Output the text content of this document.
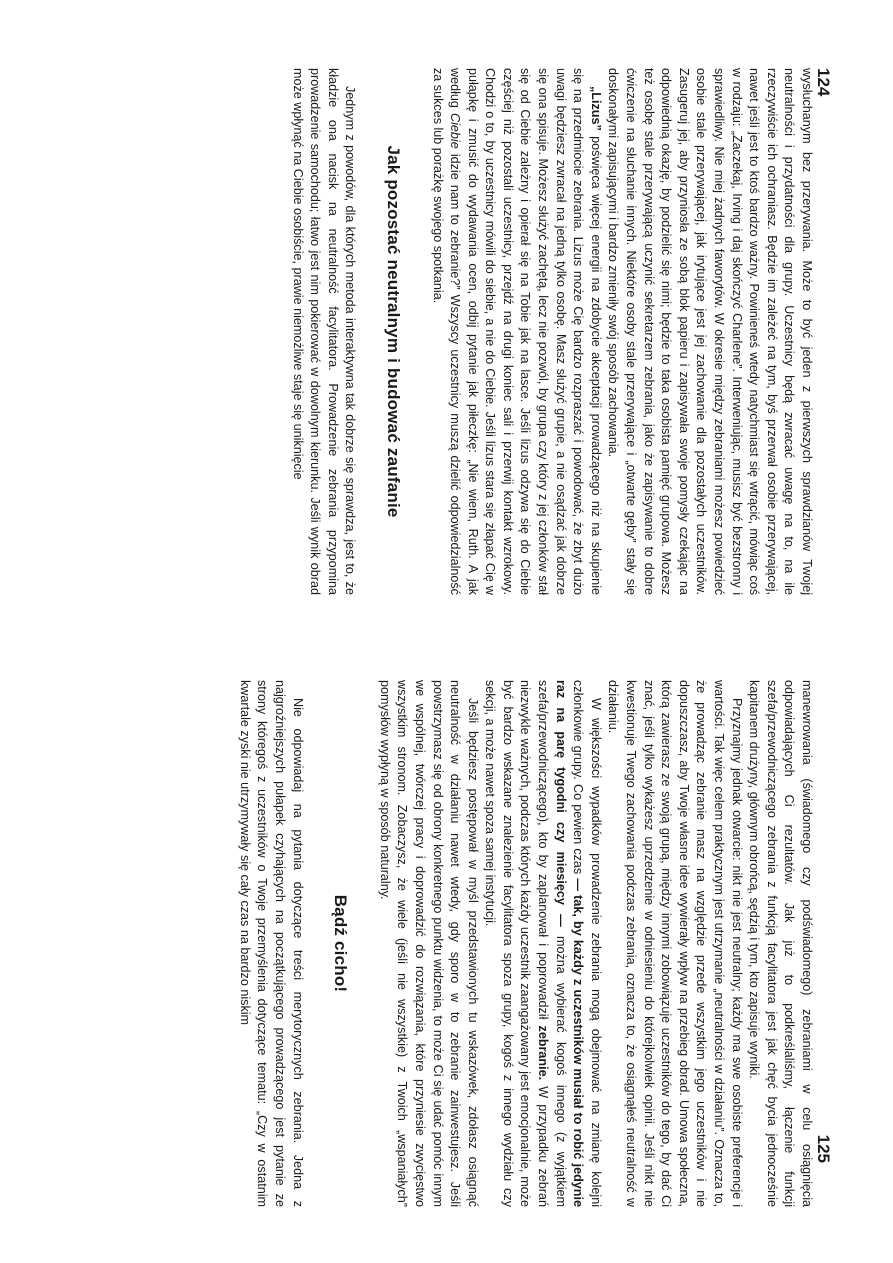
124

wysłuchanym bez przerywania. Może to być jeden z pierwszych sprawdzianów Twojej neutralności i przydatności dla grupy. Uczestnicy będą zwracać uwagę na to, na ile rzeczywiście ich ochraniasz. Będzie im zależeć na tym, byś przerwał osobie przerywającej, nawet jeśli jest to ktoś bardzo ważny. Powinieneś wtedy natychmiast się wtrącić, mówiąc coś w rodzaju: „Zaczekaj, Irving i daj skończyć Charlene”. Interweniując, musisz być bezstronny i sprawiedliwy. Nie miej żadnych faworytów. W okresie między zebraniami możesz powiedzieć osobie stale przerywającej, jak irytujące jest jej zachowanie dla pozostałych uczestników. Zasugeruj jej, aby przyniosła ze sobą blok papieru i zapisywała swoje pomysły czekając na odpowiednią okazję, by podzielić się nimi; będzie to taka osobista pamięć grupowa. Możesz też osobę stale przerywającą uczynić sekretarzem zebrania, jako że zapisywanie to dobre ćwiczenie na słuchanie innych. Niektóre osoby stale przerywające i „otwarte gęby” stały się doskonałymi zapisującymi i bardzo zmieniły swój sposób zachowania.

„Lizus” poświęca więcej energii na zdobycie akceptacji prowadzącego niż na skupienie się na przedmiocie zebrania. Lizus może Cię bardzo rozpraszać i powodować, że zbyt dużo uwagi będziesz zwracał na jedną tylko osobę. Masz służyć grupie, a nie osądzać jak dobrze się ona spisuje. Możesz służyć zachętą, lecz nie pozwól, by grupa czy który z jej członków stał się od Ciebie zależny i opierał się na Tobie jak na lasce. Jeśli lizus odzywa się do Ciebie częściej niż pozostali uczestnicy, przejdź na drugi koniec sali i przerwij kontakt wzrokowy. Chodzi o to, by uczestnicy mówili do siebie, a nie do Ciebie. Jeśli lizus stara się złapać Cię w pułapkę i zmusić do wydawania ocen, odbij pytanie jak piłeczkę: „Nie wiem, Ruth. A jak według Ciebie idzie nam to zebranie?” Wszyscy uczestnicy muszą dzielić odpowiedzialność za sukces lub porażkę swojego spotkania.

Jak pozostać neutralnym i budować zaufanie

Jednym z powodów, dla których metoda interaktywna tak dobrze się sprawdza, jest to, że kładzie ona nacisk na neutralność facylitatora. Prowadzenie zebrania przypomina prowadzenie samochodu; łatwo jest nim pokierować w dowolnym kierunku. Jeśli wynik obrad może wpłynąć na Ciebie osobiście, prawie niemożliwe staje się uniknięcie

125

manewrowania (świadomego czy podświadomego) zebraniami w celu osiągnięcia odpowiadających Ci rezultatów. Jak już to podkreślaliśmy, łączenie funkcji szefa/przewodniczącego zebrania z funkcją facylitatora jest jak chęć bycia jednocześnie kapitanem drużyny, głównym obrońcą, sędzią i tym, kto zapisuje wyniki.

Przyznajmy jednak otwarcie: nikt nie jest neutralny; każdy ma swe osobiste preferencje i wartości. Tak więc celem praktycznym jest utrzymanie „neutralności w działaniu”. Oznacza to, że prowadząc zebranie masz na względzie przede wszystkim jego uczestników i nie dopuszczasz, aby Twoje własne idee wywierały wpływ na przebieg obrad. Umowa społeczna, którą zawierasz ze swoją grupą, między innymi zobowiązuje uczestników do tego, by dać Ci znać, jeśli tylko wykażesz uprzedzenie w odniesieniu do którejkolwiek opinii. Jeśli nikt nie kwestionuje Twego zachowania podczas zebrania, oznacza to, że osiągnąłeś neutralność w działaniu.

W większości wypadków prowadzenie zebrania mogą obejmować na zmianę kolejni członkowie grupy. Co pewien czas — tak, by każdy z uczestników musiał to robić jedynie raz na parę tygodni czy miesięcy — można wybierać kogoś innego (z wyjątkiem szefa/przewodniczącego), kto by zaplanował i poprowadził zebranie. W przypadku zebrań niezwykle ważnych, podczas których każdy uczestnik zaangażowany jest emocjonalnie, może być bardzo wskazane znalezienie facylitatora spoza grupy, kogoś z innego wydziału czy sekcji, a może nawet spoza samej instytucji.

Jeśli będziesz postępował w myśl przedstawionych tu wskazówek, zdołasz osiągnąć neutralność w działaniu nawet wtedy, gdy sporo w to zebranie zainwestujesz. Jeśli powstrzymasz się od obrony konkretnego punktu widzenia, to może Ci się udać pomóc innym we wspólnej, twórczej pracy i doprowadzić do rozwiązania, które przyniesie zwycięstwo wszystkim stronom. Zobaczysz, że wiele (jeśli nie wszystkie) z Twoich „wspaniałych” pomysłów wypłyną w sposób naturalny.

Bądź cicho!

Nie odpowiadaj na pytania dotyczące treści merytorycznych zebrania. Jedna z najgroźniejszych pułapek czyhających na początkującego prowadzącego jest pytanie ze strony któregoś z uczestników o Twoje przemyślenia dotyczące tematu: „Czy w ostatnim kwartale zyski nie utrzymywały się cały czas na bardzo niskim
